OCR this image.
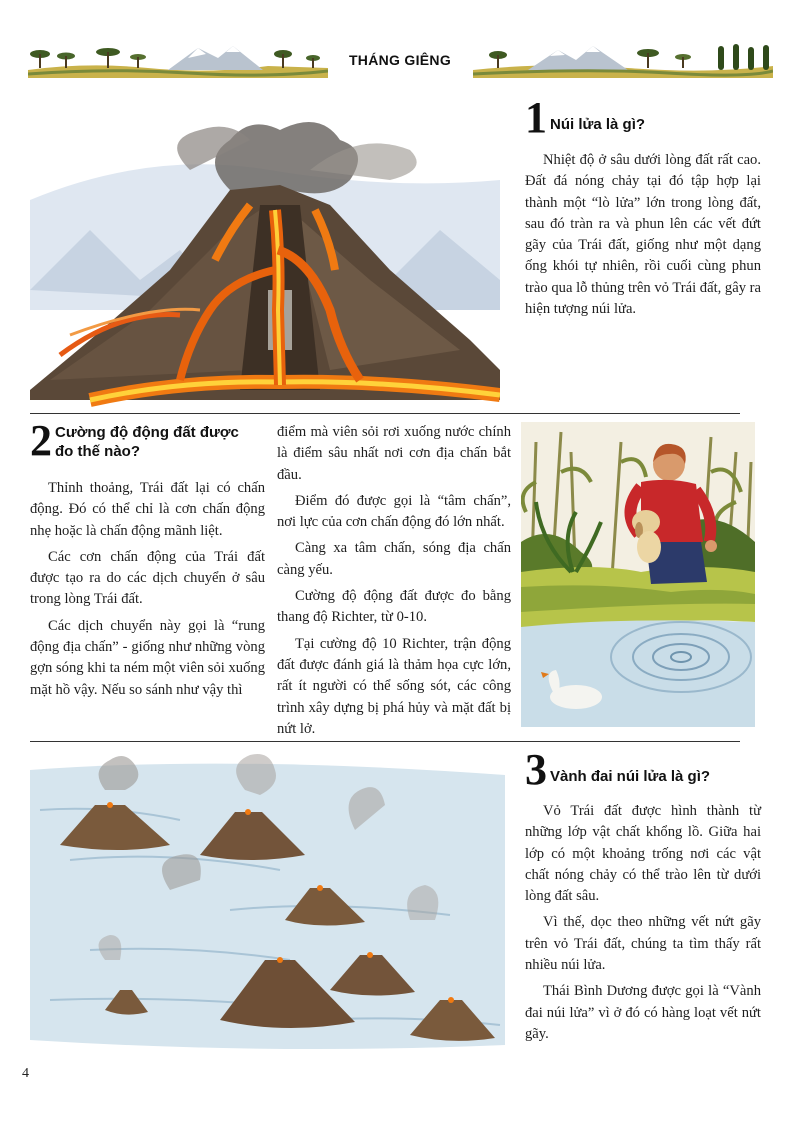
THÁNG GIÊNG
1 Núi lửa là gì?

Nhiệt độ ở sâu dưới lòng đất rất cao. Đất đá nóng chảy tại đó tập hợp lại thành một “lò lửa” lớn trong lòng đất, sau đó tràn ra và phun lên các vết đứt gãy của Trái đất, giống như một dạng ống khói tự nhiên, rồi cuối cùng phun trào qua lỗ thủng trên vỏ Trái đất, gây ra hiện tượng núi lửa.

2 Cường độ động đất được
đo thế nào?

Thỉnh thoảng, Trái đất lại có chấn động. Đó có thể chỉ là cơn chấn động nhẹ hoặc là chấn động mãnh liệt.

Các cơn chấn động của Trái đất được tạo ra do các dịch chuyển ở sâu trong lòng Trái đất.

Các dịch chuyển này gọi là “rung động địa chấn” - giống như những vòng gợn sóng khi ta ném một viên sỏi xuống mặt hồ vậy. Nếu so sánh như vậy thì

điểm mà viên sỏi rơi xuống nước chính là điểm sâu nhất nơi cơn địa chấn bắt đầu.

Điểm đó được gọi là “tâm chấn”, nơi lực của cơn chấn động đó lớn nhất.

Càng xa tâm chấn, sóng địa chấn càng yếu.

Cường độ động đất được đo bằng thang độ Richter, từ 0-10.

Tại cường độ 10 Richter, trận động đất được đánh giá là thảm họa cực lớn, rất ít người có thể sống sót, các công trình xây dựng bị phá hủy và mặt đất bị nứt lở.

3 Vành đai núi lửa là gì?

Vỏ Trái đất được hình thành từ những lớp vật chất khổng lồ. Giữa hai lớp có một khoảng trống nơi các vật chất nóng chảy có thể trào lên từ dưới lòng đất sâu.

Vì thế, dọc theo những vết nứt gãy trên vỏ Trái đất, chúng ta tìm thấy rất nhiều núi lửa.

Thái Bình Dương được gọi là “Vành đai núi lửa” vì ở đó có hàng loạt vết nứt gãy.

4
